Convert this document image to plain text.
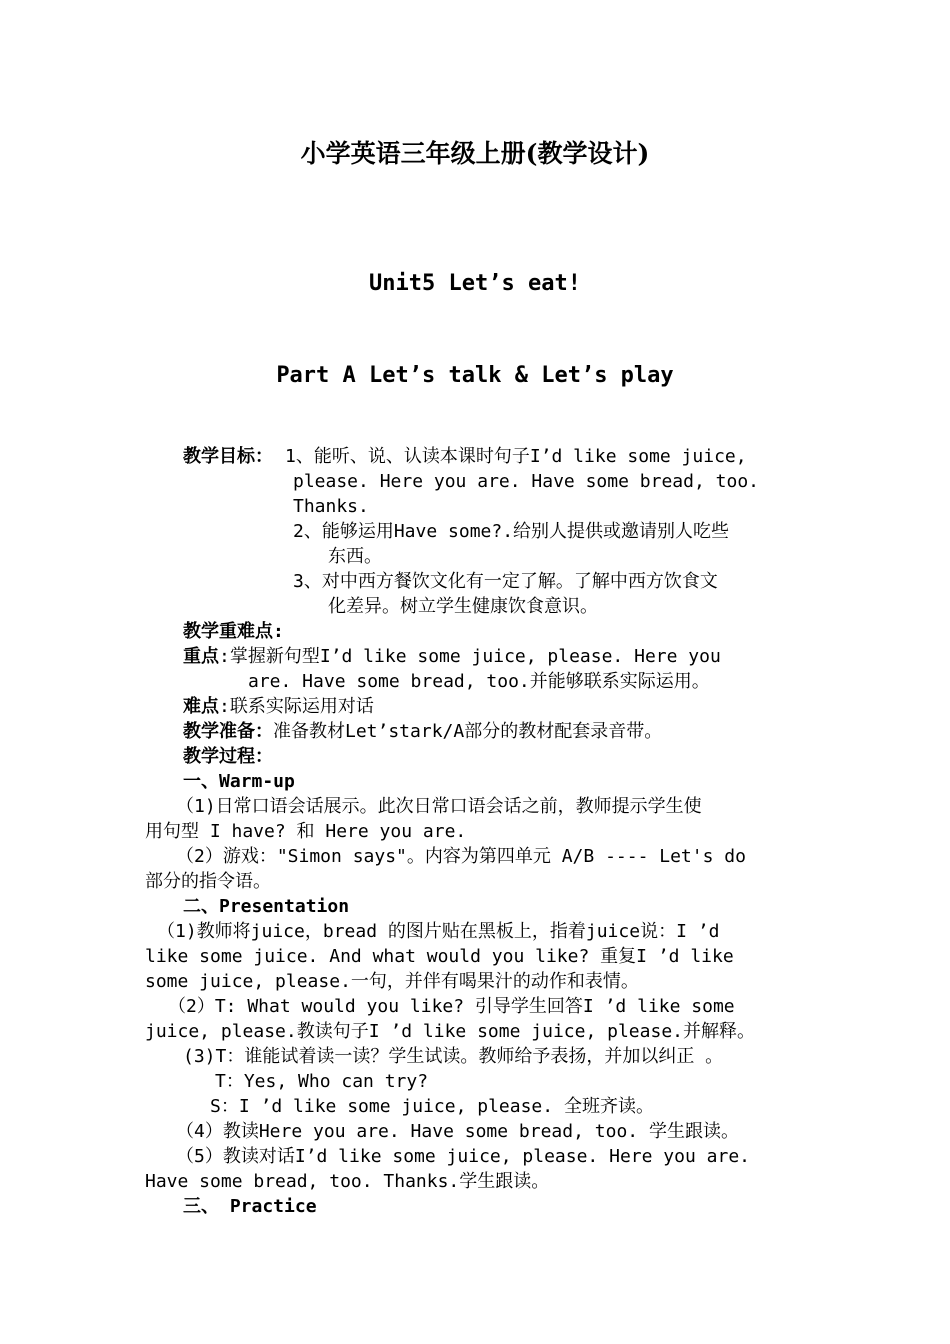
小学英语三年级上册(教学设计)
Unit5 Let’s eat!
Part A Let’s talk & Let’s play
教学目标： 1、能听、说、认读本课时句子I’d like some juice,
please. Here you are. Have some bread, too.
Thanks.
2、能够运用Have some?.给别人提供或邀请别人吃些
东西。
3、对中西方餐饮文化有一定了解。了解中西方饮食文
化差异。树立学生健康饮食意识。
教学重难点:
重点:掌握新句型I’d like some juice, please. Here you
are. Have some bread, too.并能够联系实际运用。
难点:联系实际运用对话
教学准备：准备教材Let’stark/A部分的教材配套录音带。
教学过程：
一、Warm-up
（1)日常口语会话展示。此次日常口语会话之前，教师提示学生使
用句型 I have? 和 Here you are.
（2）游戏："Simon says"。内容为第四单元 A/B ---- Let's do
部分的指令语。
二、Presentation
（1)教师将juice，bread 的图片贴在黑板上，指着juice说：I ’d
like some juice. And what would you like? 重复I ’d like
some juice, please.一句，并伴有喝果汁的动作和表情。
（2）T: What would you like? 引导学生回答I ’d like some
juice, please.教读句子I ’d like some juice, please.并解释。
(3)T：谁能试着读一读？学生试读。教师给予表扬，并加以纠正 。
T：Yes, Who can try?
S：I ’d like some juice, please. 全班齐读。
（4）教读Here you are. Have some bread, too. 学生跟读。
（5）教读对话I’d like some juice, please. Here you are.
Have some bread, too. Thanks.学生跟读。
三、 Practice
